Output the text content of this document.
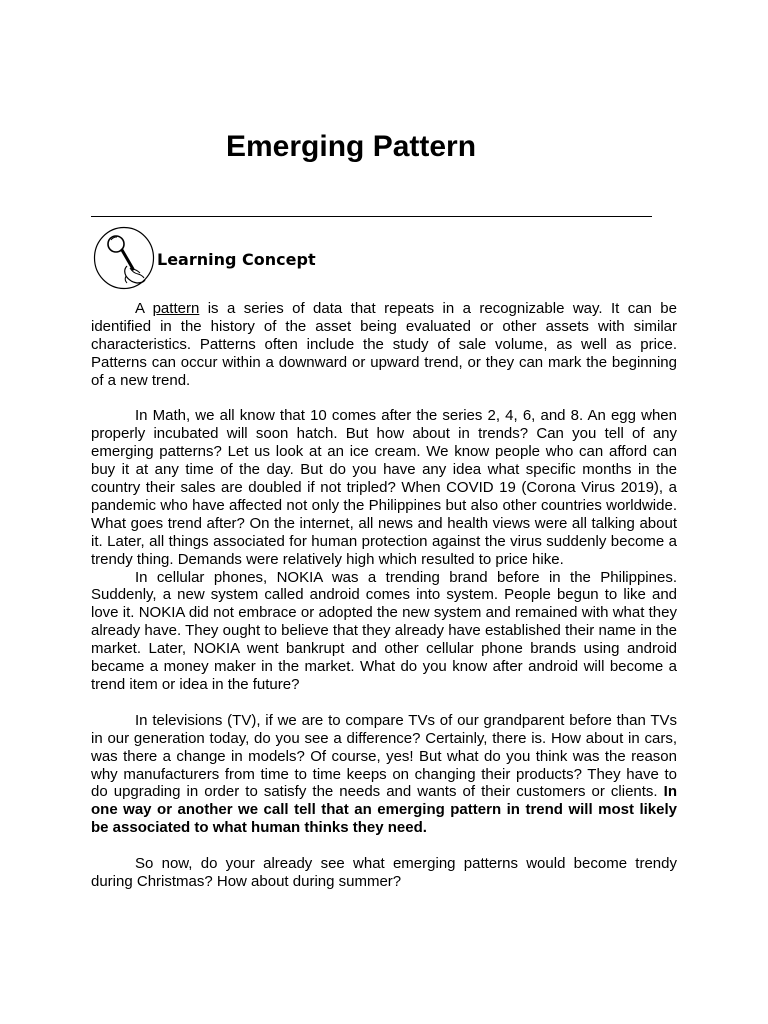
Emerging Pattern
Learning Concept

A pattern is a series of data that repeats in a recognizable way. It can be identified in the history of the asset being evaluated or other assets with similar characteristics. Patterns often include the study of sale volume, as well as price. Patterns can occur within a downward or upward trend, or they can mark the beginning of a new trend.

In Math, we all know that 10 comes after the series 2, 4, 6, and 8. An egg when properly incubated will soon hatch. But how about in trends? Can you tell of any emerging patterns? Let us look at an ice cream. We know people who can afford can buy it at any time of the day. But do you have any idea what specific months in the country their sales are doubled if not tripled? When COVID 19 (Corona Virus 2019), a pandemic who have affected not only the Philippines but also other countries worldwide. What goes trend after? On the internet, all news and health views were all talking about it. Later, all things associated for human protection against the virus suddenly become a trendy thing. Demands were relatively high which resulted to price hike.

In cellular phones, NOKIA was a trending brand before in the Philippines. Suddenly, a new system called android comes into system. People begun to like and love it. NOKIA did not embrace or adopted the new system and remained with what they already have. They ought to believe that they already have established their name in the market. Later, NOKIA went bankrupt and other cellular phone brands using android became a money maker in the market. What do you know after android will become a trend item or idea in the future?

In televisions (TV), if we are to compare TVs of our grandparent before than TVs in our generation today, do you see a difference? Certainly, there is. How about in cars, was there a change in models? Of course, yes! But what do you think was the reason why manufacturers from time to time keeps on changing their products? They have to do upgrading in order to satisfy the needs and wants of their customers or clients. In one way or another we call tell that an emerging pattern in trend will most likely be associated to what human thinks they need.

So now, do your already see what emerging patterns would become trendy during Christmas? How about during summer?
